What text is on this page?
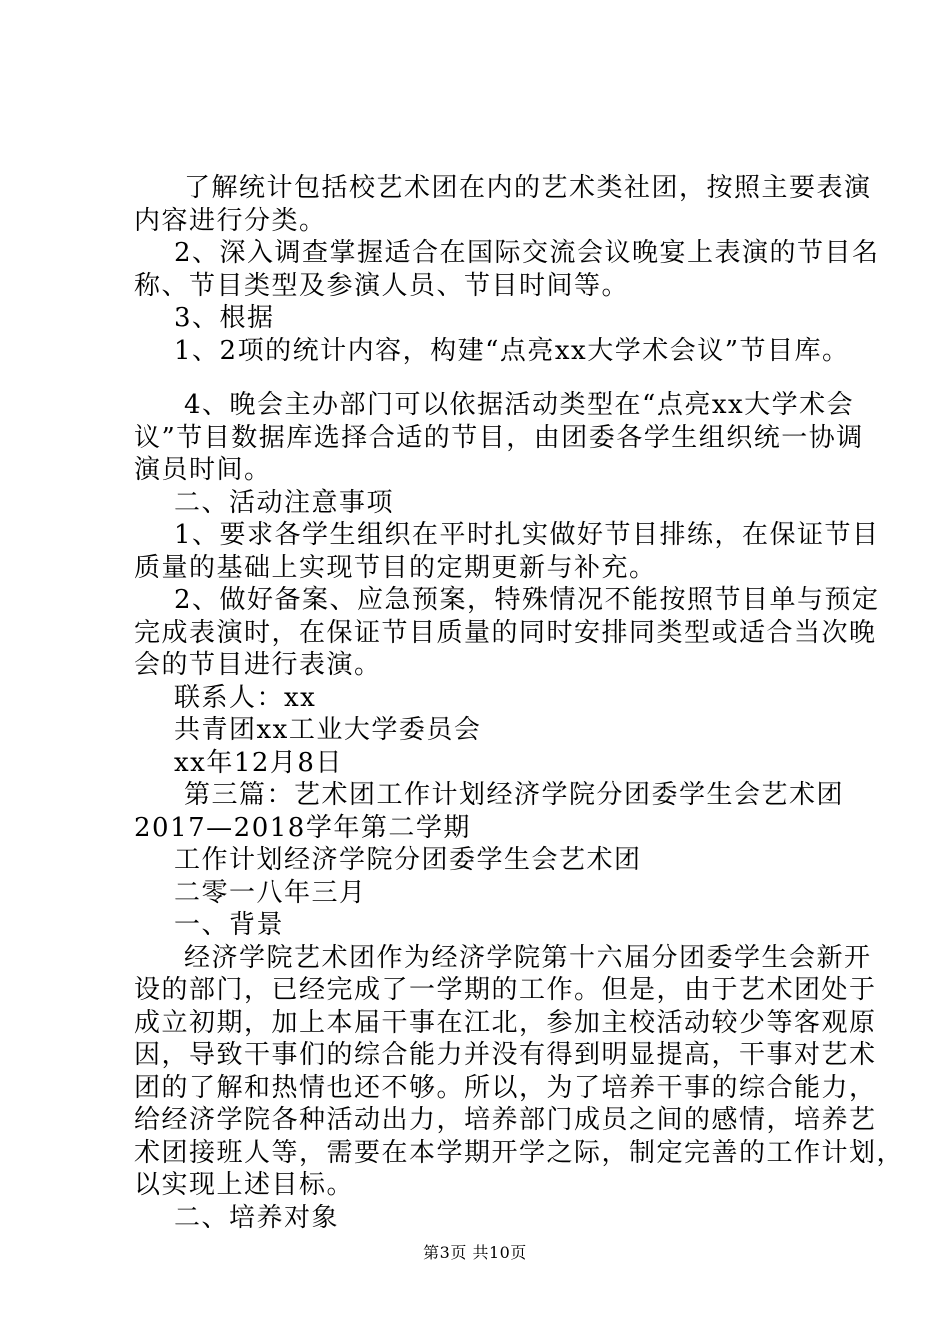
了解统计包括校艺术团在内的艺术类社团，按照主要表演
内容进行分类。
2、深入调查掌握适合在国际交流会议晚宴上表演的节目名
称、节目类型及参演人员、节目时间等。
3、根据
1、2项的统计内容，构建“点亮xx大学术会议”节目库。
4、晚会主办部门可以依据活动类型在“点亮xx大学术会
议”节目数据库选择合适的节目，由团委各学生组织统一协调
演员时间。
二、活动注意事项
1、要求各学生组织在平时扎实做好节目排练，在保证节目
质量的基础上实现节目的定期更新与补充。
2、做好备案、应急预案，特殊情况不能按照节目单与预定
完成表演时，在保证节目质量的同时安排同类型或适合当次晚
会的节目进行表演。
联系人：xx
共青团xx工业大学委员会
xx年12月8日
第三篇：艺术团工作计划经济学院分团委学生会艺术团
2017—2018学年第二学期
工作计划经济学院分团委学生会艺术团
二零一八年三月
一、背景
经济学院艺术团作为经济学院第十六届分团委学生会新开
设的部门，已经完成了一学期的工作。但是，由于艺术团处于
成立初期，加上本届干事在江北，参加主校活动较少等客观原
因，导致干事们的综合能力并没有得到明显提高，干事对艺术
团的了解和热情也还不够。所以，为了培养干事的综合能力，
给经济学院各种活动出力，培养部门成员之间的感情，培养艺
术团接班人等，需要在本学期开学之际，制定完善的工作计划，
以实现上述目标。
二、培养对象
第3页 共10页
